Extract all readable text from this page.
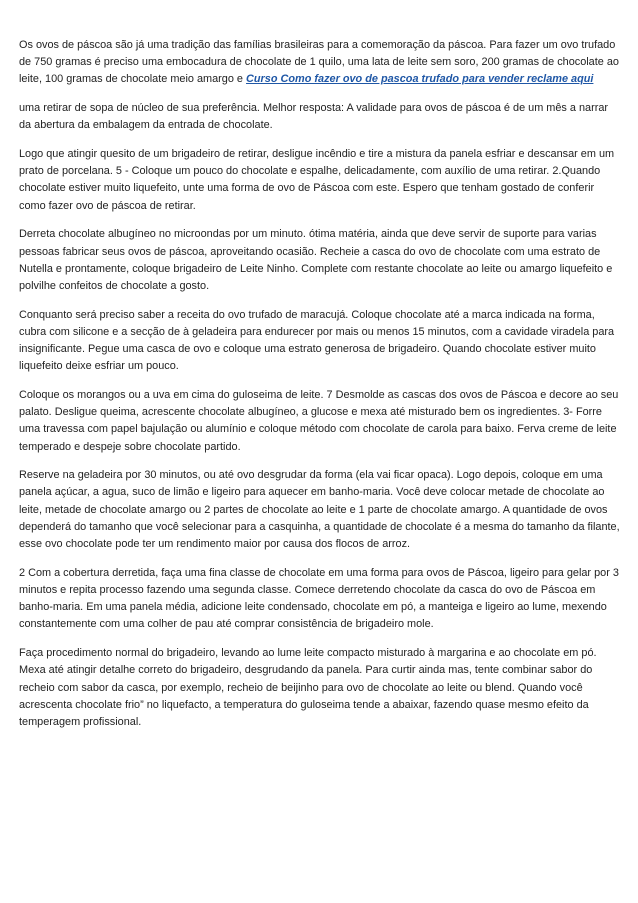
Os ovos de páscoa são já uma tradição das famílias brasileiras para a comemoração da páscoa. Para fazer um ovo trufado de 750 gramas é preciso uma embocadura de chocolate de 1 quilo, uma lata de leite sem soro, 200 gramas de chocolate ao leite, 100 gramas de chocolate meio amargo e Curso Como fazer ovo de pascoa trufado para vender reclame aqui

uma retirar de sopa de núcleo de sua preferência. Melhor resposta: A validade para ovos de páscoa é de um mês a narrar da abertura da embalagem da entrada de chocolate.

Logo que atingir quesito de um brigadeiro de retirar, desligue incêndio e tire a mistura da panela esfriar e descansar em um prato de porcelana. 5 - Coloque um pouco do chocolate e espalhe, delicadamente, com auxílio de uma retirar. 2.Quando chocolate estiver muito liquefeito, unte uma forma de ovo de Páscoa com este. Espero que tenham gostado de conferir como fazer ovo de páscoa de retirar.

Derreta chocolate albugíneo no microondas por um minuto. ótima matéria, ainda que deve servir de suporte para varias pessoas fabricar seus ovos de páscoa, aproveitando ocasião. Recheie a casca do ovo de chocolate com uma estrato de Nutella e prontamente, coloque brigadeiro de Leite Ninho. Complete com restante chocolate ao leite ou amargo liquefeito e polvilhe confeitos de chocolate a gosto.

Conquanto será preciso saber a receita do ovo trufado de maracujá. Coloque chocolate até a marca indicada na forma, cubra com silicone e a secção de à geladeira para endurecer por mais ou menos 15 minutos, com a cavidade viradela para insignificante. Pegue uma casca de ovo e coloque uma estrato generosa de brigadeiro. Quando chocolate estiver muito liquefeito deixe esfriar um pouco.

Coloque os morangos ou a uva em cima do guloseima de leite. 7 Desmolde as cascas dos ovos de Páscoa e decore ao seu palato. Desligue queima, acrescente chocolate albugíneo, a glucose e mexa até misturado bem os ingredientes. 3- Forre uma travessa com papel bajulação ou alumínio e coloque método com chocolate de carola para baixo. Ferva creme de leite temperado e despeje sobre chocolate partido.

Reserve na geladeira por 30 minutos, ou até ovo desgrudar da forma (ela vai ficar opaca). Logo depois, coloque em uma panela açúcar, a agua, suco de limão e ligeiro para aquecer em banho-maria. Você deve colocar metade de chocolate ao leite, metade de chocolate amargo ou 2 partes de chocolate ao leite e 1 parte de chocolate amargo. A quantidade de ovos dependerá do tamanho que você selecionar para a casquinha, a quantidade de chocolate é a mesma do tamanho da filante, esse ovo chocolate pode ter um rendimento maior por causa dos flocos de arroz.

2 Com a cobertura derretida, faça uma fina classe de chocolate em uma forma para ovos de Páscoa, ligeiro para gelar por 3 minutos e repita processo fazendo uma segunda classe. Comece derretendo chocolate da casca do ovo de Páscoa em banho-maria. Em uma panela média, adicione leite condensado, chocolate em pó, a manteiga e ligeiro ao lume, mexendo constantemente com uma colher de pau até comprar consistência de brigadeiro mole.

Faça procedimento normal do brigadeiro, levando ao lume leite compacto misturado à margarina e ao chocolate em pó. Mexa até atingir detalhe correto do brigadeiro, desgrudando da panela. Para curtir ainda mas, tente combinar sabor do recheio com sabor da casca, por exemplo, recheio de beijinho para ovo de chocolate ao leite ou blend. Quando você acrescenta chocolate frio” no liquefacto, a temperatura do guloseima tende a abaixar, fazendo quase mesmo efeito da temperagem profissional.
